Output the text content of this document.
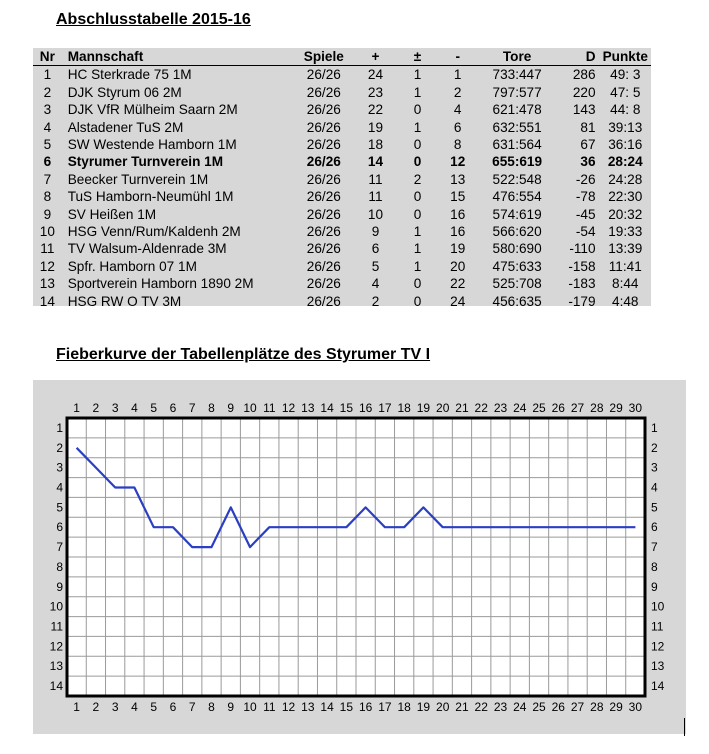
Abschlusstabelle 2015-16
Nr	Mannschaft	Spiele	+	±	-	Tore	D	Punkte
1	HC Sterkrade 75 1M	26/26	24	1	1	733:447	286	49: 3
2	DJK Styrum 06 2M	26/26	23	1	2	797:577	220	47: 5
3	DJK VfR Mülheim Saarn 2M	26/26	22	0	4	621:478	143	44: 8
4	Alstadener TuS 2M	26/26	19	1	6	632:551	81	39:13
5	SW Westende Hamborn 1M	26/26	18	0	8	631:564	67	36:16
6	Styrumer Turnverein 1M	26/26	14	0	12	655:619	36	28:24
7	Beecker Turnverein 1M	26/26	11	2	13	522:548	-26	24:28
8	TuS Hamborn-Neumühl 1M	26/26	11	0	15	476:554	-78	22:30
9	SV Heißen 1M	26/26	10	0	16	574:619	-45	20:32
10	HSG Venn/Rum/Kaldenh 2M	26/26	9	1	16	566:620	-54	19:33
11	TV Walsum-Aldenrade 3M	26/26	6	1	19	580:690	-110	13:39
12	Spfr. Hamborn 07 1M	26/26	5	1	20	475:633	-158	11:41
13	Sportverein Hamborn 1890 2M	26/26	4	0	22	525:708	-183	8:44
14	HSG RW O TV 3M	26/26	2	0	24	456:635	-179	4:48
Fieberkurve der Tabellenplätze des Styrumer TV I
1
1
2
2
3
3
4
4
5
5
6
6
7
7
8
8
9
9
10
10
11
11
12
12
13
13
14
14
15
15
16
16
17
17
18
18
19
19
20
20
21
21
22
22
23
23
24
24
25
25
26
26
27
27
28
28
29
29
30
30
1	1
2	2
3	3
4	4
5	5
6	6
7	7
8	8
9	9
10	10
11	11
12	12
13	13
14	14
